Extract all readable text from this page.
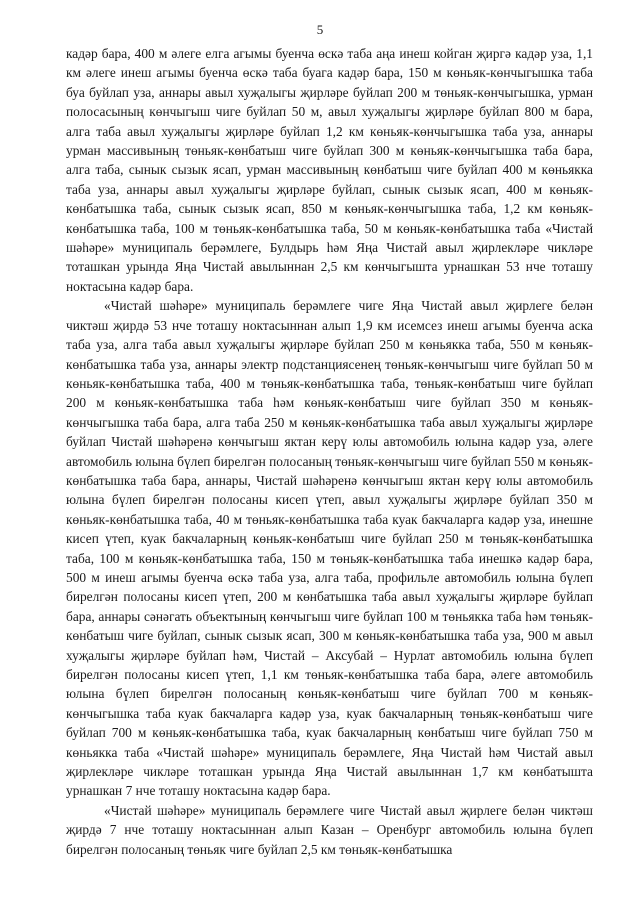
5

кадәр бара, 400 м әлеге елга агымы буенча өскә таба аңа инеш койган җиргә кадәр уза, 1,1 км әлеге инеш агымы буенча өскә таба буага кадәр бара, 150 м көньяк-көнчыгышка таба буа буйлап уза, аннары авыл хуҗалыгы җирләре буйлап 200 м төньяк-көнчыгышка, урман полосасының көнчыгыш чиге буйлап 50 м, авыл хуҗалыгы җирләре буйлап 800 м бара, алга таба авыл хуҗалыгы җирләре буйлап 1,2 км көньяк-көнчыгышка таба уза, аннары урман массивының төньяк-көнбатыш чиге буйлап 300 м көньяк-көнчыгышка таба бара, алга таба, сынык сызык ясап, урман массивының көнбатыш чиге буйлап 400 м көньякка таба уза, аннары авыл хуҗалыгы җирләре буйлап, сынык сызык ясап, 400 м көньяк-көнбатышка таба, сынык сызык ясап, 850 м көньяк-көнчыгышка таба, 1,2 км көньяк-көнбатышка таба, 100 м төньяк-көнбатышка таба, 50 м көньяк-көнбатышка таба «Чистай шәһәре» муниципаль берәмлеге, Булдырь һәм Яңа Чистай авыл җирлекләре чикләре тоташкан урында Яңа Чистай авылыннан 2,5 км көнчыгышта урнашкан 53 нче тоташу ноктасына кадәр бара.

«Чистай шәһәре» муниципаль берәмлеге чиге Яңа Чистай авыл җирлеге белән чиктәш җирдә 53 нче тоташу ноктасыннан алып 1,9 км исемсез инеш агымы буенча аска таба уза, алга таба авыл хуҗалыгы җирләре буйлап 250 м көньякка таба, 550 м көньяк-көнбатышка таба уза, аннары электр подстанциясенең төньяк-көнчыгыш чиге буйлап 50 м көньяк-көнбатышка таба, 400 м төньяк-көнбатышка таба, төньяк-көнбатыш чиге буйлап 200 м көньяк-көнбатышка таба һәм көньяк-көнбатыш чиге буйлап 350 м көньяк-көнчыгышка таба бара, алга таба 250 м көньяк-көнбатышка таба авыл хуҗалыгы җирләре буйлап Чистай шәһәренә көнчыгыш яктан керү юлы автомобиль юлына кадәр уза, әлеге автомобиль юлына бүлеп бирелгән полосаның төньяк-көнчыгыш чиге буйлап 550 м көньяк-көнбатышка таба бара, аннары, Чистай шәһәренә көнчыгыш яктан керү юлы автомобиль юлына бүлеп бирелгән полосаны кисеп үтеп, авыл хуҗалыгы җирләре буйлап 350 м көньяк-көнбатышка таба, 40 м төньяк-көнбатышка таба куак бакчаларга кадәр уза, инешне кисеп үтеп, куак бакчаларның көньяк-көнбатыш чиге буйлап 250 м төньяк-көнбатышка таба, 100 м көньяк-көнбатышка таба, 150 м төньяк-көнбатышка таба инешкә кадәр бара, 500 м инеш агымы буенча өскә таба уза, алга таба, профильле автомобиль юлына бүлеп бирелгән полосаны кисеп үтеп, 200 м көнбатышка таба авыл хуҗалыгы җирләре буйлап бара, аннары сәнәгать объектының көнчыгыш чиге буйлап 100 м төньякка таба һәм төньяк-көнбатыш чиге буйлап, сынык сызык ясап, 300 м көньяк-көнбатышка таба уза, 900 м авыл хуҗалыгы җирләре буйлап һәм, Чистай – Аксубай – Нурлат автомобиль юлына бүлеп бирелгән полосаны кисеп үтеп, 1,1 км төньяк-көнбатышка таба бара, әлеге автомобиль юлына бүлеп бирелгән полосаның көньяк-көнбатыш чиге буйлап 700 м көньяк-көнчыгышка таба куак бакчаларга кадәр уза, куак бакчаларның төньяк-көнбатыш чиге буйлап 700 м көньяк-көнбатышка таба, куак бакчаларның көнбатыш чиге буйлап 750 м көньякка таба «Чистай шәһәре» муниципаль берәмлеге, Яңа Чистай һәм Чистай авыл җирлекләре чикләре тоташкан урында Яңа Чистай авылыннан 1,7 км көнбатышта урнашкан 7 нче тоташу ноктасына кадәр бара.

«Чистай шәһәре» муниципаль берәмлеге чиге Чистай авыл җирлеге белән чиктәш җирдә 7 нче тоташу ноктасыннан алып Казан – Оренбург автомобиль юлына бүлеп бирелгән полосаның төньяк чиге буйлап 2,5 км төньяк-көнбатышка
